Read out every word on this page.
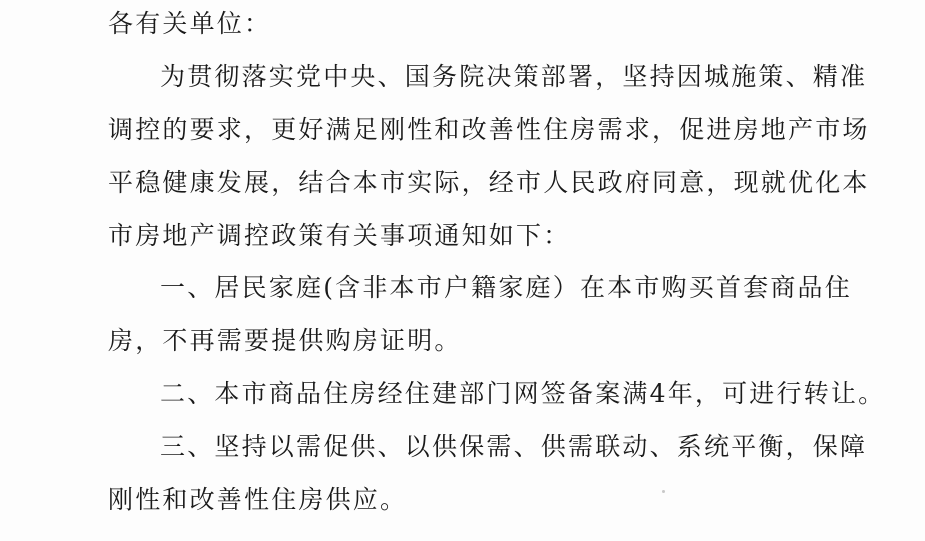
各有关单位：
为贯彻落实党中央、国务院决策部署，坚持因城施策、精准
调控的要求，更好满足刚性和改善性住房需求，促进房地产市场
平稳健康发展，结合本市实际，经市人民政府同意，现就优化本
市房地产调控政策有关事项通知如下：
一、居民家庭(含非本市户籍家庭）在本市购买首套商品住
房，不再需要提供购房证明。
二、本市商品住房经住建部门网签备案满4年，可进行转让。
三、坚持以需促供、以供保需、供需联动、系统平衡，保障
刚性和改善性住房供应。
